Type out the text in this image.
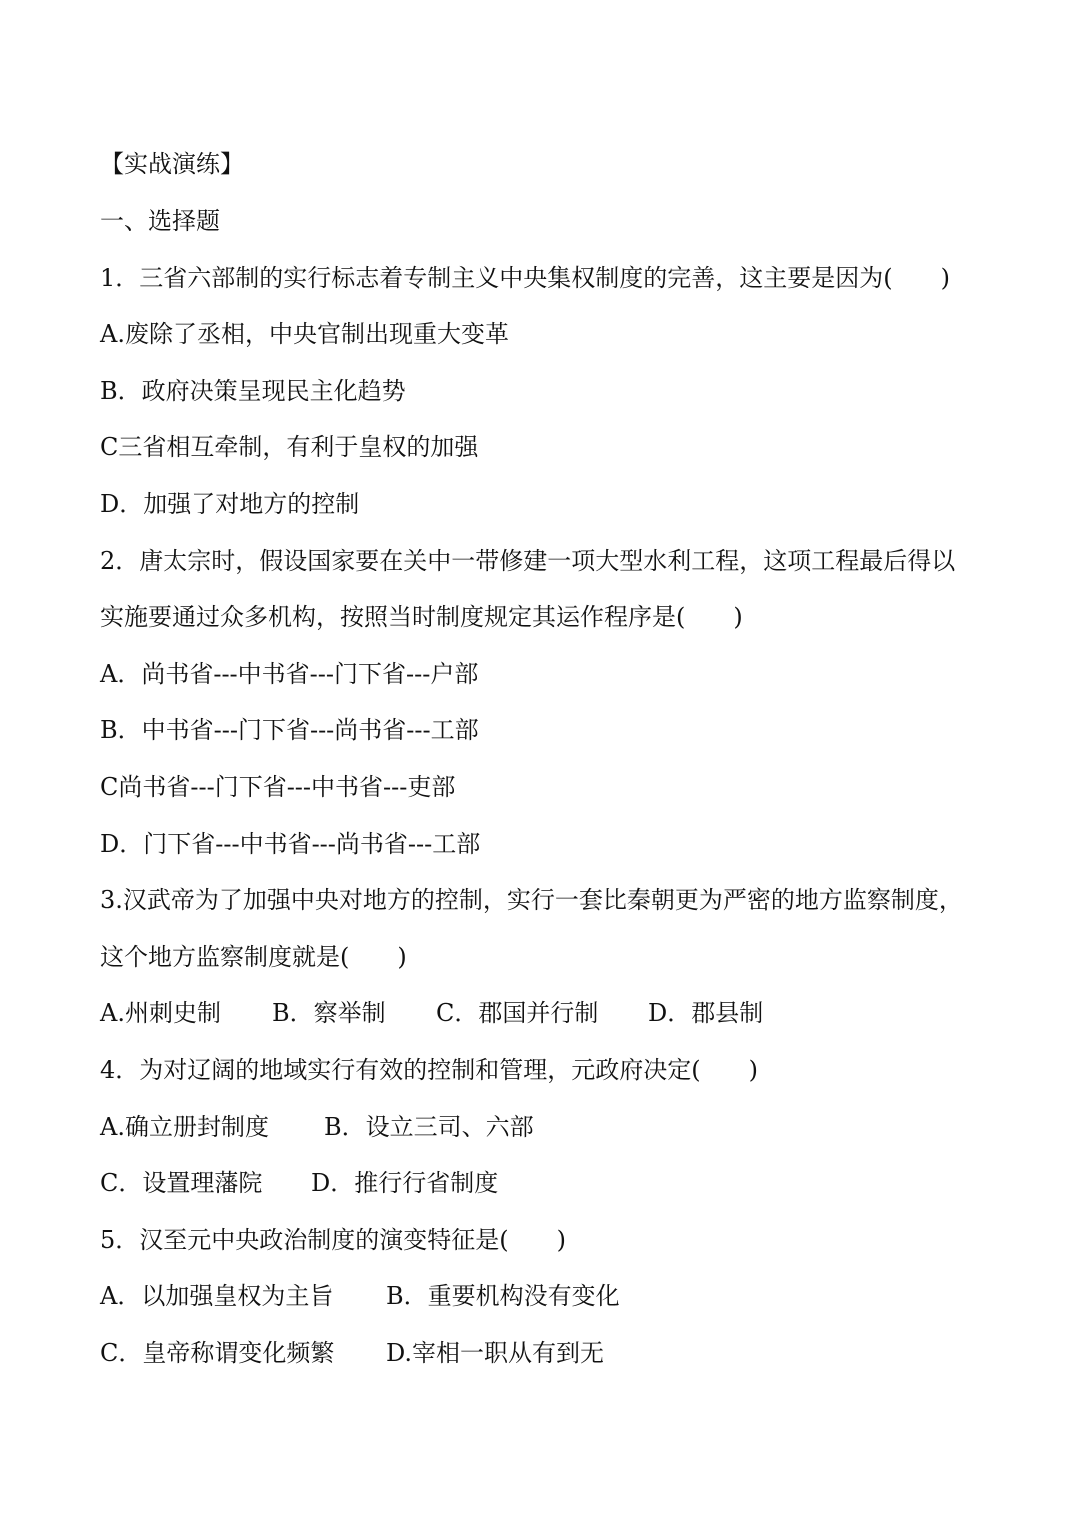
【实战演练】
一、选择题
1．三省六部制的实行标志着专制主义中央集权制度的完善，这主要是因为(　　)
A.废除了丞相，中央官制出现重大变革
B．政府决策呈现民主化趋势
C三省相互牵制，有利于皇权的加强
D．加强了对地方的控制
2．唐太宗时，假设国家要在关中一带修建一项大型水利工程，这项工程最后得以
实施要通过众多机构，按照当时制度规定其运作程序是(　　)
A．尚书省---中书省---门下省---户部
B．中书省---门下省---尚书省---工部
C尚书省---门下省---中书省---吏部
D．门下省---中书省---尚书省---工部
3.汉武帝为了加强中央对地方的控制，实行一套比秦朝更为严密的地方监察制度，
这个地方监察制度就是(　　)
A.州刺史制 B．察举制 C．郡国并行制 D．郡县制
4．为对辽阔的地域实行有效的控制和管理，元政府决定(　　)
A.确立册封制度 B．设立三司、六部
C．设置理藩院 D．推行行省制度
5．汉至元中央政治制度的演变特征是(　　)
A．以加强皇权为主旨 B．重要机构没有变化
C．皇帝称谓变化频繁 D.宰相一职从有到无
